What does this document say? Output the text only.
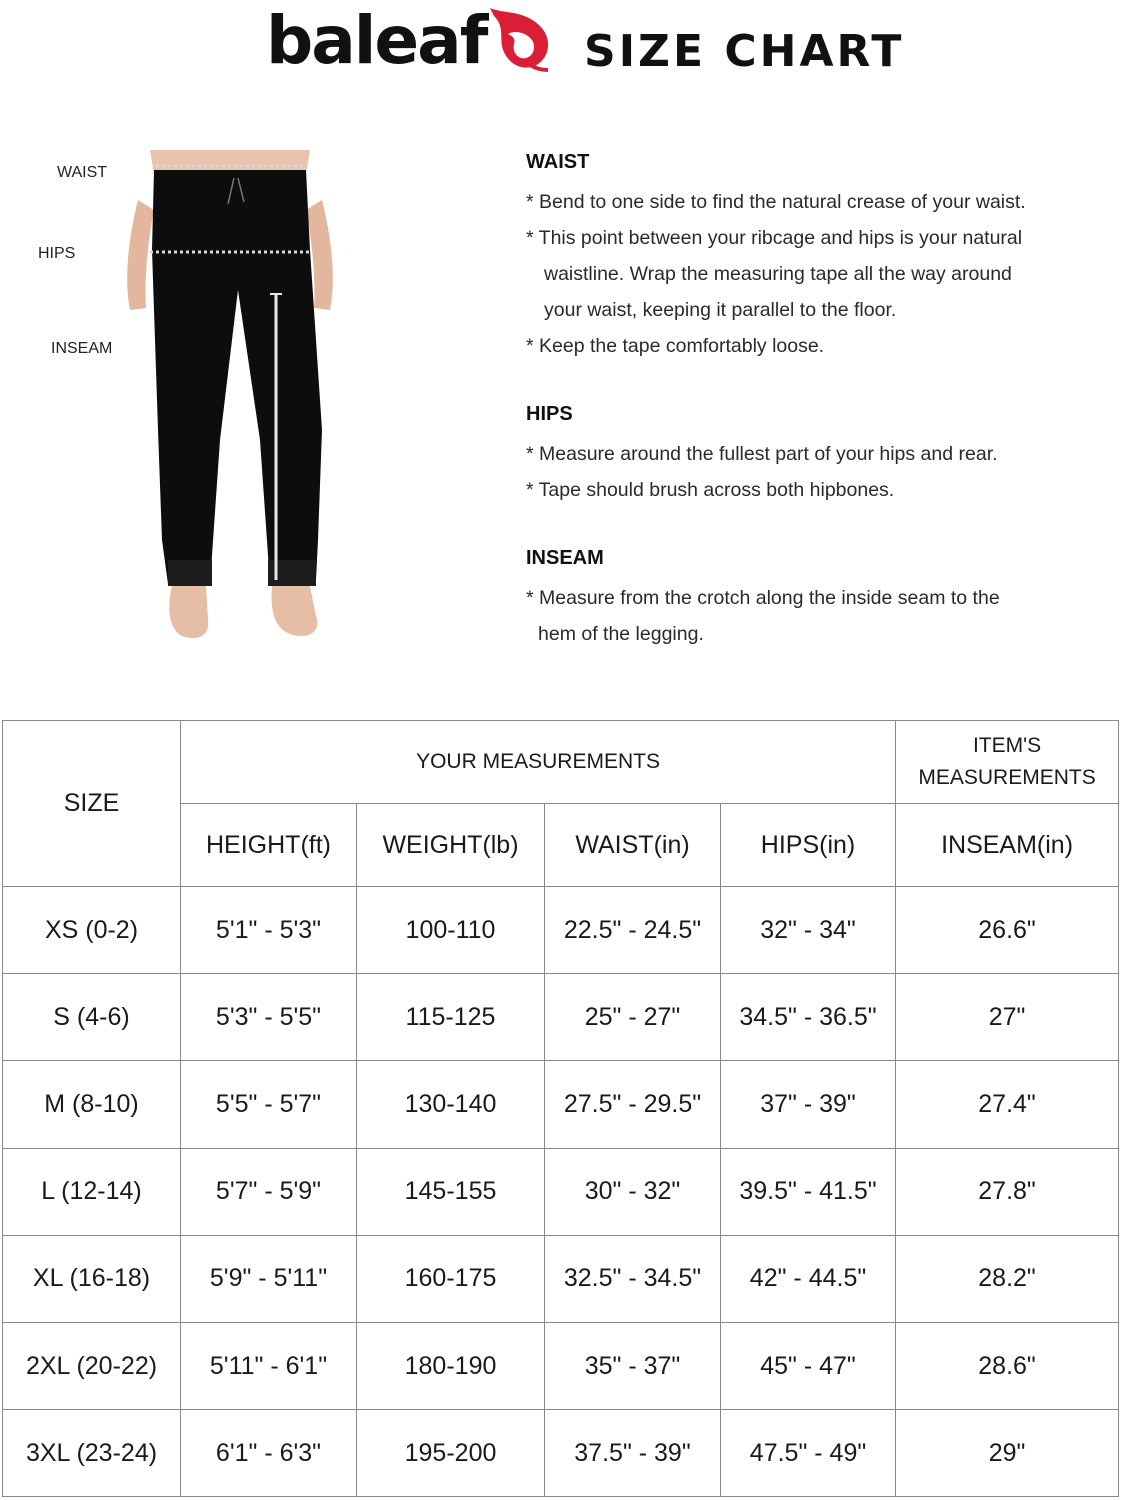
baleaf SIZE CHART
WAIST
HIPS
INSEAM
WAIST

* Bend to one side to find the natural crease of your waist.

* This point between your ribcage and hips is your natural

waistline. Wrap the measuring tape all the way around

your waist, keeping it parallel to the floor.

* Keep the tape comfortably loose.

HIPS

* Measure around the fullest part of your hips and rear.

* Tape should brush across both hipbones.

INSEAM

* Measure from the crotch along the inside seam to the

hem of the legging.

SIZE	YOUR MEASUREMENTS				ITEM'S
MEASUREMENTS

	HEIGHT(ft)	WEIGHT(lb)	WAIST(in)	HIPS(in)	INSEAM(in)
XS (0-2)	5'1" - 5'3"	100-110	22.5" - 24.5"	32" - 34"	26.6"
S (4-6)	5'3" - 5'5"	115-125	25" - 27"	34.5" - 36.5"	27"
M (8-10)	5'5" - 5'7"	130-140	27.5" - 29.5"	37" - 39"	27.4"
L (12-14)	5'7" - 5'9"	145-155	30" - 32"	39.5" - 41.5"	27.8"
XL (16-18)	5'9" - 5'11"	160-175	32.5" - 34.5"	42" - 44.5"	28.2"
2XL (20-22)	5'11" - 6'1"	180-190	35" - 37"	45" - 47"	28.6"
3XL (23-24)	6'1" - 6'3"	195-200	37.5" - 39"	47.5" - 49"	29"
